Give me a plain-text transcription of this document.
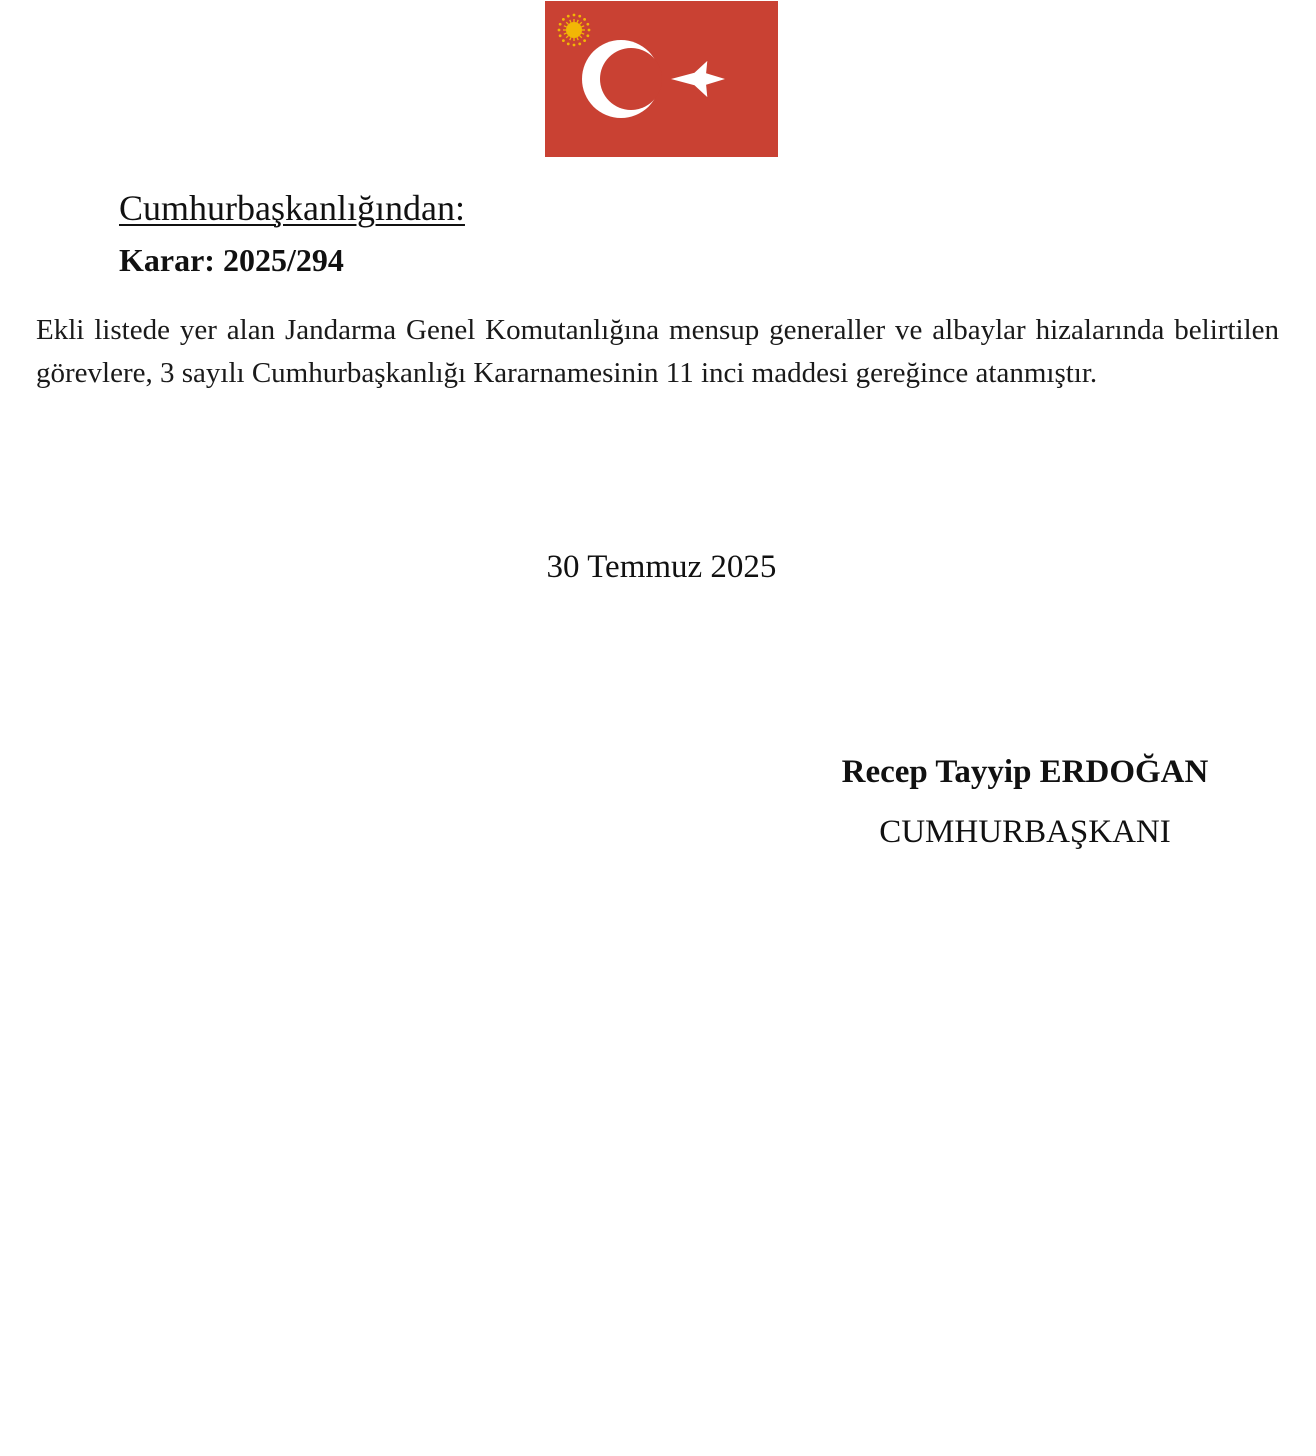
Cumhurbaşkanlığından:
Karar: 2025/294
Ekli listede yer alan Jandarma Genel Komutanlığına mensup generaller ve albaylar hizalarında belirtilen görevlere, 3 sayılı Cumhurbaşkanlığı Kararnamesinin 11 inci maddesi gereğince atanmıştır.
30 Temmuz 2025
Recep Tayyip ERDOĞAN
CUMHURBAŞKANI
